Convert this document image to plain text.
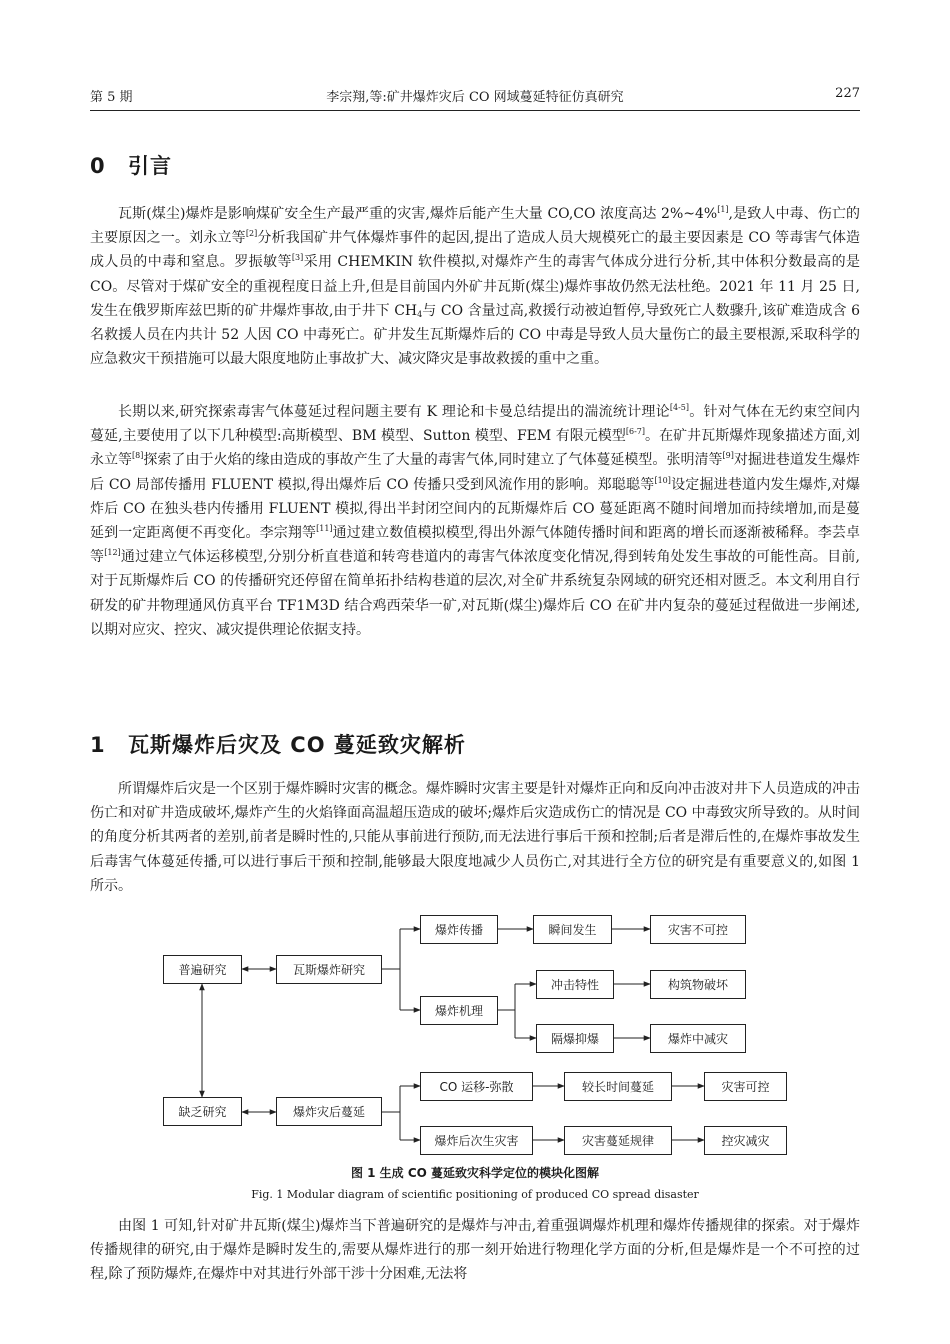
第 5 期	李宗翔,等:矿井爆炸灾后 CO 网域蔓延特征仿真研究	227
0 引言

瓦斯(煤尘)爆炸是影响煤矿安全生产最严重的灾害,爆炸后能产生大量 CO,CO 浓度高达 2%~4%[1],是致人中毒、伤亡的主要原因之一。刘永立等[2]分析我国矿井气体爆炸事件的起因,提出了造成人员大规模死亡的最主要因素是 CO 等毒害气体造成人员的中毒和窒息。罗振敏等[3]采用 CHEMKIN 软件模拟,对爆炸产生的毒害气体成分进行分析,其中体积分数最高的是 CO。尽管对于煤矿安全的重视程度日益上升,但是目前国内外矿井瓦斯(煤尘)爆炸事故仍然无法杜绝。2021 年 11 月 25 日,发生在俄罗斯库兹巴斯的矿井爆炸事故,由于井下 $CH_4$与 CO 含量过高,救援行动被迫暂停,导致死亡人数骤升,该矿难造成含 6 名救援人员在内共计 52 人因 CO 中毒死亡。矿井发生瓦斯爆炸后的 CO 中毒是导致人员大量伤亡的最主要根源,采取科学的应急救灾干预措施可以最大限度地防止事故扩大、减灾降灾是事故救援的重中之重。

长期以来,研究探索毒害气体蔓延过程问题主要有 K 理论和卡曼总结提出的湍流统计理论[4-5]。针对气体在无约束空间内蔓延,主要使用了以下几种模型:高斯模型、BM 模型、Sutton 模型、FEM 有限元模型[6-7]。在矿井瓦斯爆炸现象描述方面,刘永立等[8]探索了由于火焰的缘由造成的事故产生了大量的毒害气体,同时建立了气体蔓延模型。张明清等[9]对掘进巷道发生爆炸后 CO 局部传播用 FLUENT 模拟,得出爆炸后 CO 传播只受到风流作用的影响。郑聪聪等[10]设定掘进巷道内发生爆炸,对爆炸后 CO 在独头巷内传播用 FLUENT 模拟,得出半封闭空间内的瓦斯爆炸后 CO 蔓延距离不随时间增加而持续增加,而是蔓延到一定距离便不再变化。李宗翔等[11]通过建立数值模拟模型,得出外源气体随传播时间和距离的增长而逐渐被稀释。李芸卓等[12]通过建立气体运移模型,分别分析直巷道和转弯巷道内的毒害气体浓度变化情况,得到转角处发生事故的可能性高。目前,对于瓦斯爆炸后 CO 的传播研究还停留在简单拓扑结构巷道的层次,对全矿井系统复杂网域的研究还相对匮乏。本文利用自行研发的矿井物理通风仿真平台 TF1M3D 结合鸡西荣华一矿,对瓦斯(煤尘)爆炸后 CO 在矿井内复杂的蔓延过程做进一步阐述,以期对应灾、控灾、减灾提供理论依据支持。

1 瓦斯爆炸后灾及 CO 蔓延致灾解析

所谓爆炸后灾是一个区别于爆炸瞬时灾害的概念。爆炸瞬时灾害主要是针对爆炸正向和反向冲击波对井下人员造成的冲击伤亡和对矿井造成破坏,爆炸产生的火焰锋面高温超压造成的破坏;爆炸后灾造成伤亡的情况是 CO 中毒致灾所导致的。从时间的角度分析其两者的差别,前者是瞬时性的,只能从事前进行预防,而无法进行事后干预和控制;后者是滞后性的,在爆炸事故发生后毒害气体蔓延传播,可以进行事后干预和控制,能够最大限度地减少人员伤亡,对其进行全方位的研究是有重要意义的,如图 1 所示。

普遍研究	瓦斯爆炸研究
爆炸传播	瞬间发生	灾害不可控
爆炸机理
冲击特性	构筑物破坏
隔爆抑爆	爆炸中减灾
缺乏研究	爆炸灾后蔓延
CO 运移-弥散	较长时间蔓延	灾害可控
爆炸后次生灾害	灾害蔓延规律	控灾减灾
图 1 生成 CO 蔓延致灾科学定位的模块化图解
Fig. 1 Modular diagram of scientific positioning of produced CO spread disaster

由图 1 可知,针对矿井瓦斯(煤尘)爆炸当下普遍研究的是爆炸与冲击,着重强调爆炸机理和爆炸传播规律的探索。对于爆炸传播规律的研究,由于爆炸是瞬时发生的,需要从爆炸进行的那一刻开始进行物理化学方面的分析,但是爆炸是一个不可控的过程,除了预防爆炸,在爆炸中对其进行外部干涉十分困难,无法将
